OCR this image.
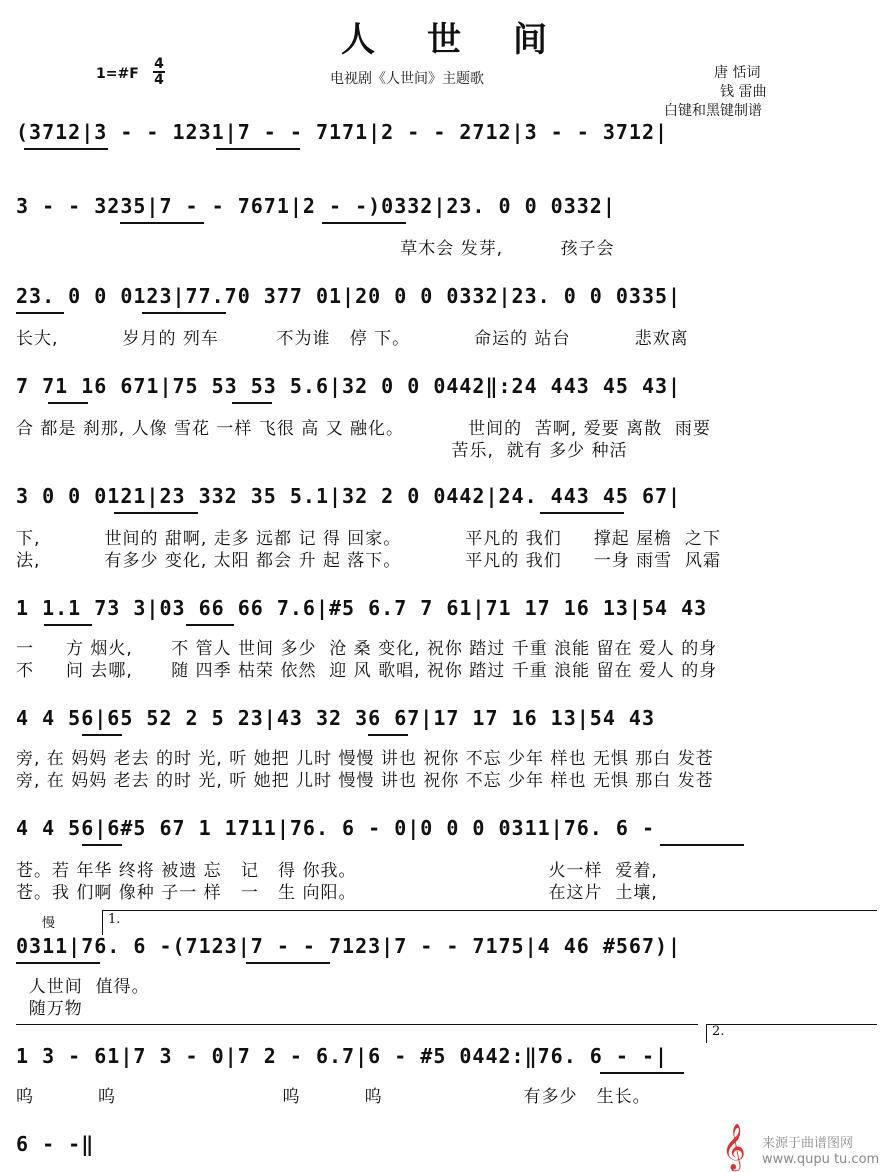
人世间
1=#F
4
4	电视剧《人世间》主题歌	唐 恬词
钱 雷曲
白键和黑键制谱
(3712|3 - - 1231|7 - - 7171|2 - - 2712|3 - - 3712|
3 - - 3235|7 - - 7671|2 - -)0332|23. 0 0 0332|
草木会 发芽,         孩子会
23. 0 0 0123|77.70 377 01|20 0 0 0332|23. 0 0 0335|
长大,          岁月的 列车         不为谁   停 下。          命运的 站台          悲欢离
7 71 16 671|75 53 53 5.6|32 0 0 0442‖:24 443 45 43|
合 都是 刹那, 人像 雪花 一样 飞很 高 又 融化。          世间的  苦啊, 爱要 离散  雨要
苦乐,  就有 多少 种活
3 0 0 0121|23 332 35 5.1|32 2 0 0442|24. 443 45 67|
下,          世间的 甜啊, 走多 远都 记 得 回家。          平凡的 我们     撑起 屋檐  之下
法,          有多少 变化, 太阳 都会 升 起 落下。          平凡的 我们     一身 雨雪  风霜
1 1.1 73 3|03 66 66 7.6|#5 6.7 7 61|71 17 16 13|54 43
一     方 烟火,      不 管人 世间 多少  沧 桑 变化, 祝你 踏过 千重 浪能 留在 爱人 的身
不     问 去哪,      随 四季 枯荣 依然  迎 风 歌唱, 祝你 踏过 千重 浪能 留在 爱人 的身
4 4 56|65 52 2 5 23|43 32 36 67|17 17 16 13|54 43
旁, 在 妈妈 老去 的时 光, 听 她把 儿时 慢慢 讲也 祝你 不忘 少年 样也 无惧 那白 发苍
旁, 在 妈妈 老去 的时 光, 听 她把 儿时 慢慢 讲也 祝你 不忘 少年 样也 无惧 那白 发苍
4 4 56|6#5 67 1 1711|76. 6 - 0|0 0 0 0311|76. 6 -
苍。若 年华 终将 被遗 忘   记   得 你我。                              火一样  爱着,
苍。我 们啊 像种 子一 样   一   生 向阳。                              在这片  土壤,
慢	1.
0311|76. 6 -(7123|7 - - 7123|7 - - 7175|4 46 #567)|
人世间  值得。
随万物
2.
1 3 - 61|7 3 - 0|7 2 - 6.7|6 - #5 0442:‖76. 6 - -|
呜          呜                          呜          呜                      有多少   生长。
6 - -‖	𝄞 来源于曲谱图网
www.qupu tu.com
